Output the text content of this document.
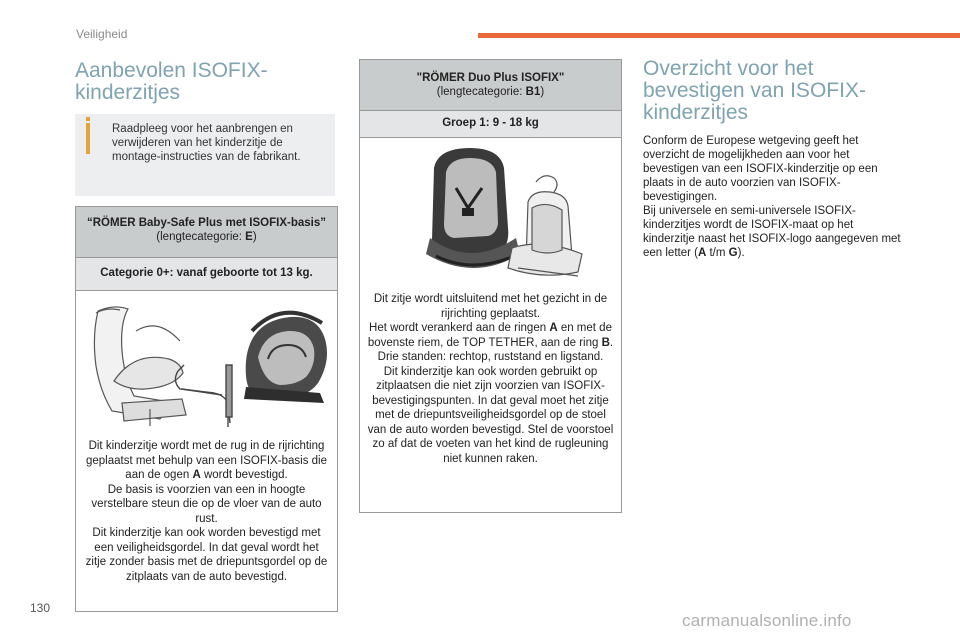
Veiligheid
Aanbevolen ISOFIX-kinderzitjes
Raadpleeg voor het aanbrengen en verwijderen van het kinderzitje de montage-instructies van de fabrikant.
“RÖMER Baby-Safe Plus met ISOFIX-basis”
(lengtecategorie: E)
Categorie 0+: vanaf geboorte tot 13 kg.
Dit kinderzitje wordt met de rug in de rijrichting geplaatst met behulp van een ISOFIX-basis die aan de ogen A wordt bevestigd.
De basis is voorzien van een in hoogte verstelbare steun die op de vloer van de auto rust.
Dit kinderzitje kan ook worden bevestigd met een veiligheidsgordel. In dat geval wordt het zitje zonder basis met de driepuntsgordel op de zitplaats van de auto bevestigd.
"RÖMER Duo Plus ISOFIX"
(lengtecategorie: B1)
Groep 1: 9 - 18 kg
Dit zitje wordt uitsluitend met het gezicht in de rijrichting geplaatst.
Het wordt verankerd aan de ringen A en met de bovenste riem, de TOP TETHER, aan de ring B.
Drie standen: rechtop, ruststand en ligstand.
Dit kinderzitje kan ook worden gebruikt op zitplaatsen die niet zijn voorzien van ISOFIX-bevestigingspunten. In dat geval moet het zitje met de driepuntsveiligheidsgordel op de stoel van de auto worden bevestigd. Stel de voorstoel zo af dat de voeten van het kind de rugleuning niet kunnen raken.
Overzicht voor het bevestigen van ISOFIX-kinderzitjes
Conform de Europese wetgeving geeft het overzicht de mogelijkheden aan voor het bevestigen van een ISOFIX-kinderzitje op een plaats in de auto voorzien van ISOFIX-bevestigingen.
Bij universele en semi-universele ISOFIX-kinderzitjes wordt de ISOFIX-maat op het kinderzitje naast het ISOFIX-logo aangegeven met een letter (A t/m G).
130
carmanualsonline.info
